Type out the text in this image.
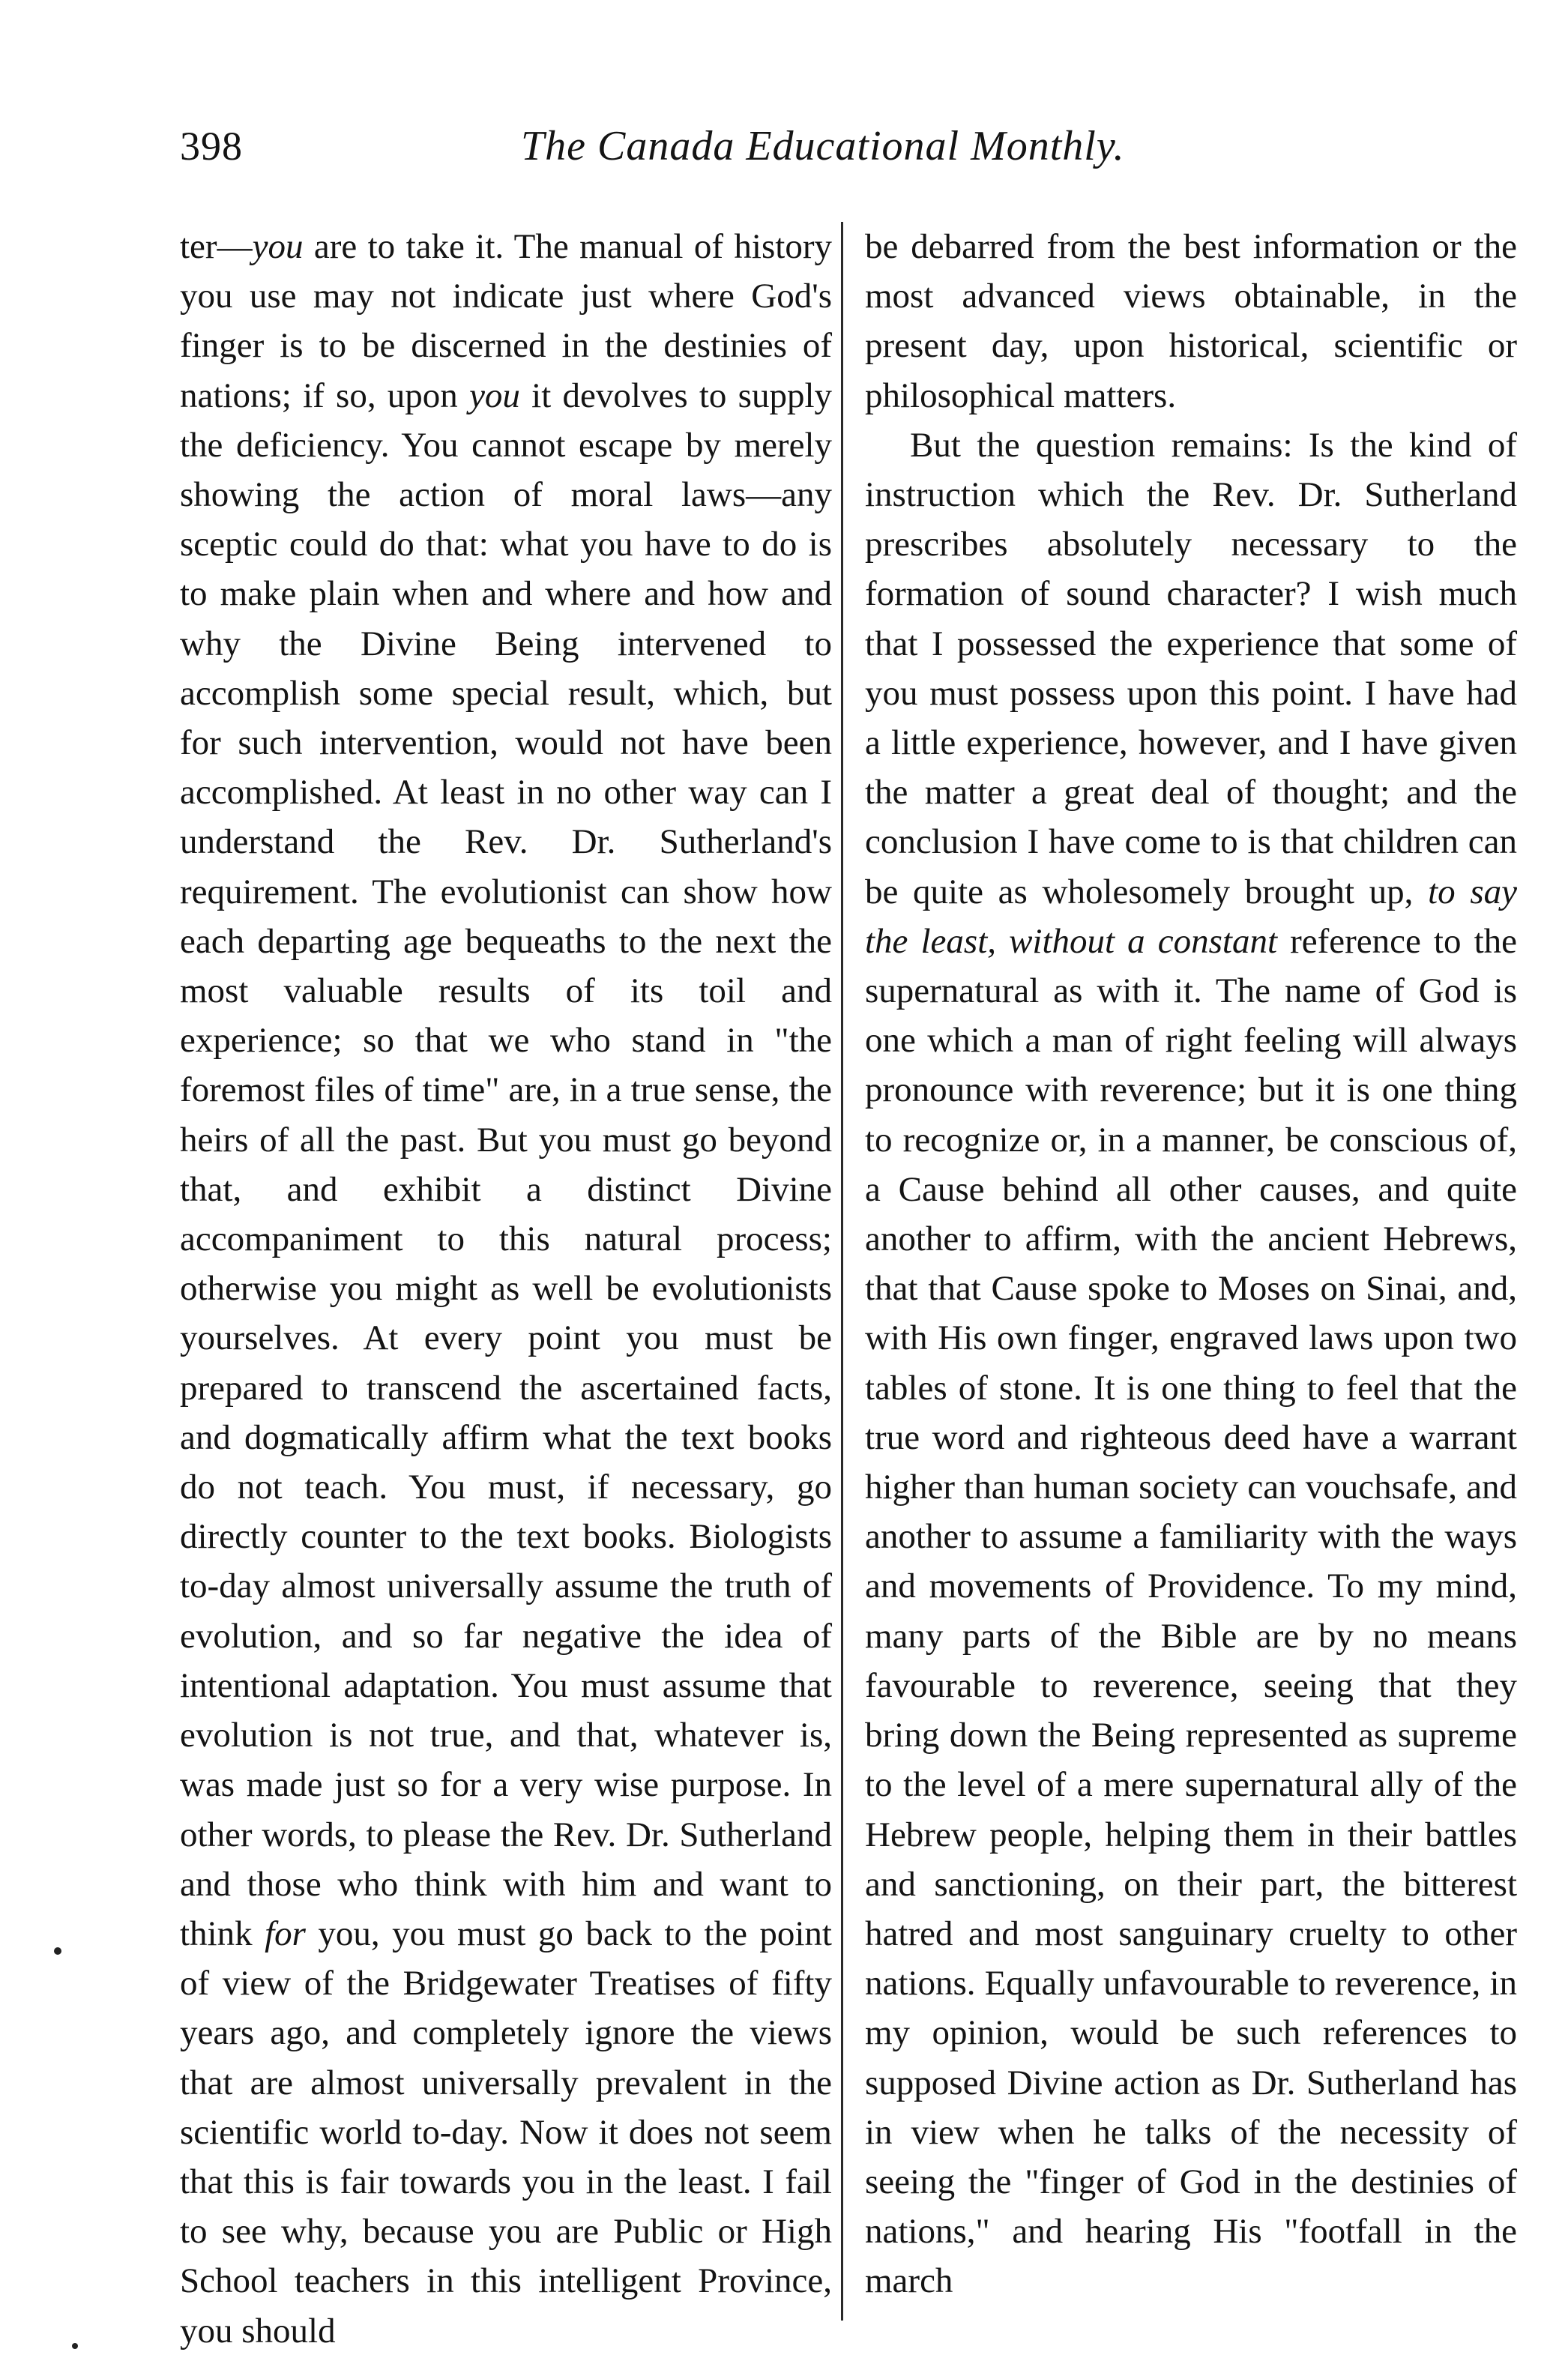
398	The Canada Educational Monthly.

ter—you are to take it. The manual of history you use may not indicate just where God's finger is to be discerned in the destinies of nations; if so, upon you it devolves to supply the deficiency. You cannot escape by merely showing the action of moral laws—any sceptic could do that: what you have to do is to make plain when and where and how and why the Divine Being intervened to accomplish some special result, which, but for such intervention, would not have been accomplished. At least in no other way can I understand the Rev. Dr. Sutherland's requirement. The evolutionist can show how each departing age bequeaths to the next the most valuable results of its toil and experience; so that we who stand in "the foremost files of time" are, in a true sense, the heirs of all the past. But you must go beyond that, and exhibit a distinct Divine accompaniment to this natural process; otherwise you might as well be evolutionists yourselves. At every point you must be prepared to transcend the ascertained facts, and dogmatically affirm what the text books do not teach. You must, if necessary, go directly counter to the text books. Biologists to-day almost universally assume the truth of evolution, and so far negative the idea of intentional adaptation. You must assume that evolution is not true, and that, whatever is, was made just so for a very wise purpose. In other words, to please the Rev. Dr. Sutherland and those who think with him and want to think for you, you must go back to the point of view of the Bridgewater Treatises of fifty years ago, and completely ignore the views that are almost universally prevalent in the scientific world to-day. Now it does not seem that this is fair towards you in the least. I fail to see why, because you are Public or High School teachers in this intelligent Province, you should

be debarred from the best information or the most advanced views obtainable, in the present day, upon historical, scientific or philosophical matters.

But the question remains: Is the kind of instruction which the Rev. Dr. Sutherland prescribes absolutely necessary to the formation of sound character? I wish much that I possessed the experience that some of you must possess upon this point. I have had a little experience, however, and I have given the matter a great deal of thought; and the conclusion I have come to is that children can be quite as wholesomely brought up, to say the least, without a constant reference to the supernatural as with it. The name of God is one which a man of right feeling will always pronounce with reverence; but it is one thing to recognize or, in a manner, be conscious of, a Cause behind all other causes, and quite another to affirm, with the ancient Hebrews, that that Cause spoke to Moses on Sinai, and, with His own finger, engraved laws upon two tables of stone. It is one thing to feel that the true word and righteous deed have a warrant higher than human society can vouchsafe, and another to assume a familiarity with the ways and movements of Providence. To my mind, many parts of the Bible are by no means favourable to reverence, seeing that they bring down the Being represented as supreme to the level of a mere supernatural ally of the Hebrew people, helping them in their battles and sanctioning, on their part, the bitterest hatred and most sanguinary cruelty to other nations. Equally unfavourable to reverence, in my opinion, would be such references to supposed Divine action as Dr. Sutherland has in view when he talks of the necessity of seeing the "finger of God in the destinies of nations," and hearing His "footfall in the march
